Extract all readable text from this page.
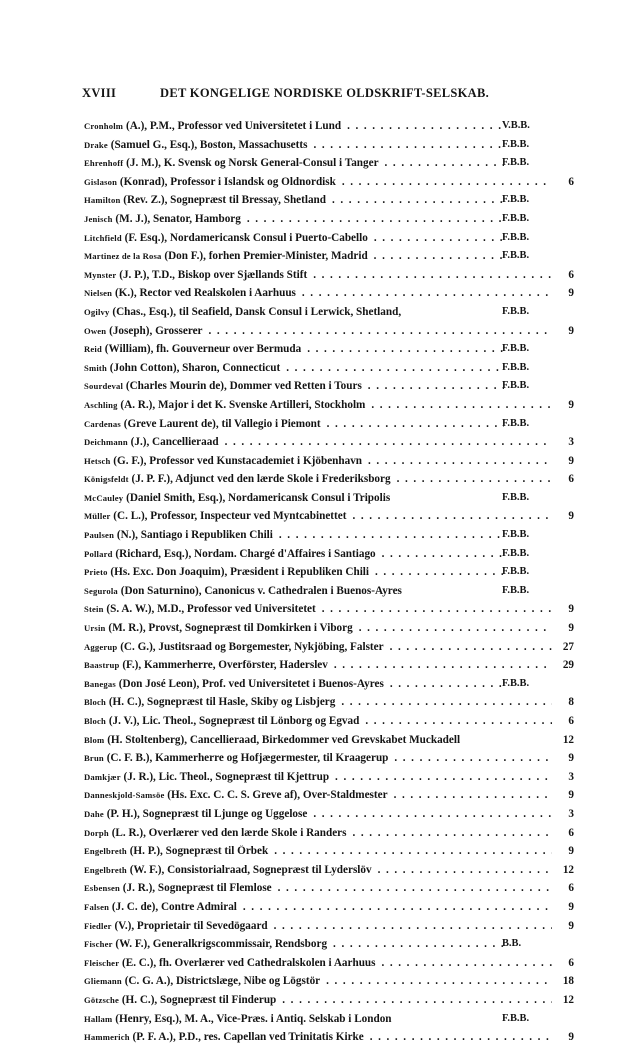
XVIII	DET KONGELIGE NORDISKE OLDSKRIFT-SELSKAB.
Cronholm (A.), P.M., Professor ved Universitetet i Lund . . .	V.B.B.
Drake (Samuel G., Esq.), Boston, Massachusetts . . .	F.B.B.
Ehrenhoff (J. M.), K. Svensk og Norsk General-Consul i Tanger . . .	F.B.B.
Gislason (Konrad), Professor i Islandsk og Oldnordisk . . .	6
Hamilton (Rev. Z.), Sognepræst til Bressay, Shetland . . .	F.B.B.
Jenisch (M. J.), Senator, Hamborg . . .	F.B.B.
Litchfield (F. Esq.), Nordamericansk Consul i Puerto-Cabello . . .	F.B.B.
Martinez de la Rosa (Don F.), forhen Premier-Minister, Madrid . . .	F.B.B.
Mynster (J. P.), T.D., Biskop over Sjællands Stift . . .	6
Nielsen (K.), Rector ved Realskolen i Aarhuus . . .	9
Ogilvy (Chas., Esq.), til Seafield, Dansk Consul i Lerwick, Shetland,	F.B.B.
Owen (Joseph), Grosserer . . .	9
Reid (William), fh. Gouverneur over Bermuda . . .	F.B.B.
Smith (John Cotton), Sharon, Connecticut . . .	F.B.B.
Sourdeval (Charles Mourin de), Dommer ved Retten i Tours . . .	F.B.B.
Aschling (A. R.), Major i det K. Svenske Artilleri, Stockholm . . .	9
Cardenas (Greve Laurent de), til Vallegio i Piemont . . .	F.B.B.
Deichmann (J.), Cancellieraad . . .	3
Hetsch (G. F.), Professor ved Kunstacademiet i Kjöbenhavn . . .	9
Königsfeldt (J. P. F.), Adjunct ved den lærde Skole i Frederiksborg . . .	6
McCauley (Daniel Smith, Esq.), Nordamericansk Consul i Tripolis	F.B.B.
Müller (C. L.), Professor, Inspecteur ved Myntcabinettet . . .	9
Paulsen (N.), Santiago i Republiken Chili . . .	F.B.B.
Pollard (Richard, Esq.), Nordam. Chargé d'Affaires i Santiago . . .	F.B.B.
Prieto (Hs. Exc. Don Joaquim), Præsident i Republiken Chili . . .	F.B.B.
Segurola (Don Saturnino), Canonicus v. Cathedralen i Buenos-Ayres	F.B.B.
Stein (S. A. W.), M.D., Professor ved Universitetet . . .	9
Ursin (M. R.), Provst, Sognepræst til Domkirken i Viborg . . .	9
Aggerup (C. G.), Justitsraad og Borgemester, Nykjöbing, Falster . . .	27
Baastrup (F.), Kammerherre, Overförster, Haderslev . . .	29
Banegas (Don José Leon), Prof. ved Universitetet i Buenos-Ayres . . .	F.B.B.
Bloch (H. C.), Sognepræst til Hasle, Skiby og Lisbjerg . . .	8
Bloch (J. V.), Lic. Theol., Sognepræst til Lönborg og Egvad . . .	6
Blom (H. Stoltenberg), Cancellieraad, Birkedommer ved Grevskabet Muckadell	12
Brun (C. F. B.), Kammerherre og Hofjægermester, til Kraagerup . . .	9
Damkjær (J. R.), Lic. Theol., Sognepræst til Kjettrup . . .	3
Danneskjold-Samsöe (Hs. Exc. C. C. S. Greve af), Over-Staldmester . . .	9
Dahe (P. H.), Sognepræst til Ljunge og Uggelose . . .	3
Dorph (L. R.), Overlærer ved den lærde Skole i Randers . . .	6
Engelbreth (H. P.), Sognepræst til Örbek . . .	9
Engelbreth (W. F.), Consistorialraad, Sognepræst til Lyderslöv . . .	12
Esbensen (J. R.), Sognepræst til Flemlose . . .	6
Falsen (J. C. de), Contre Admiral . . .	9
Fiedler (V.), Proprietair til Sevedögaard . . .	9
Fischer (W. F.), Generalkrigscommissair, Rendsborg . . .	B.B.
Fleischer (E. C.), fh. Overlærer ved Cathedralskolen i Aarhuus . . .	6
Gliemann (C. G. A.), Districtslæge, Nibe og Lögstör . . .	18
Götzsche (H. C.), Sognepræst til Finderup . . .	12
Hallam (Henry, Esq.), M. A., Vice-Præs. i Antiq. Selskab i London	F.B.B.
Hammerich (P. F. A.), P.D., res. Capellan ved Trinitatis Kirke . . .	9
